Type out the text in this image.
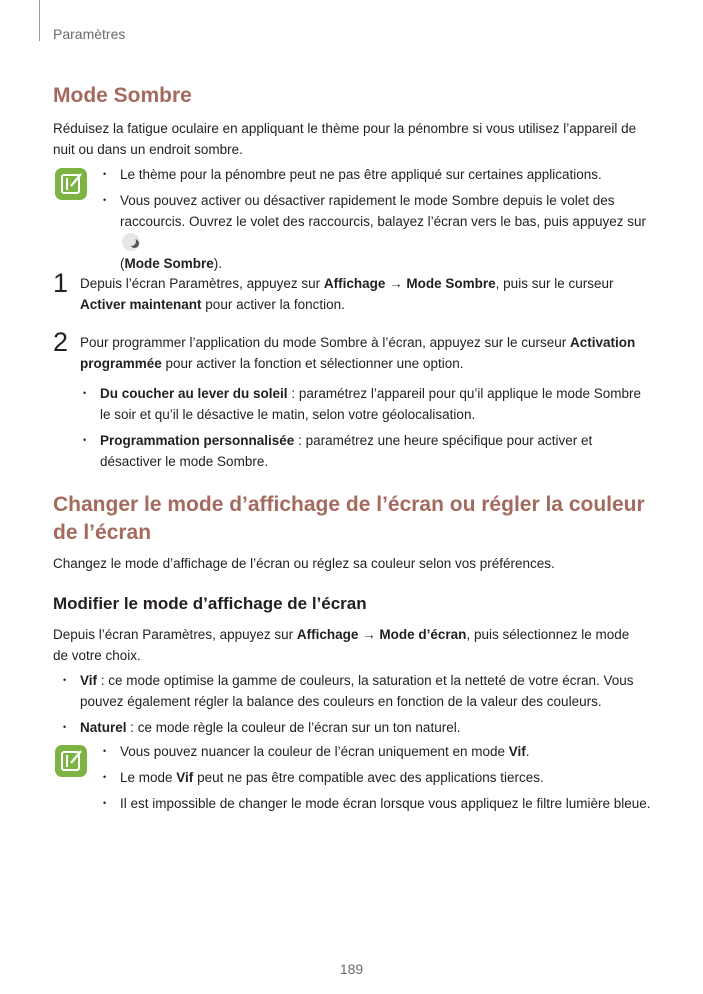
Paramètres
Mode Sombre

Réduisez la fatigue oculaire en appliquant le thème pour la pénombre si vous utilisez l’appareil de nuit ou dans un endroit sombre.

• Le thème pour la pénombre peut ne pas être appliqué sur certaines applications.
• Vous pouvez activer ou désactiver rapidement le mode Sombre depuis le volet des raccourcis. Ouvrez le volet des raccourcis, balayez l’écran vers le bas, puis appuyez sur
(Mode Sombre).
1 Depuis l’écran Paramètres, appuyez sur Affichage → Mode Sombre, puis sur le curseur Activer maintenant pour activer la fonction.

2 Pour programmer l’application du mode Sombre à l’écran, appuyez sur le curseur Activation programmée pour activer la fonction et sélectionner une option.

• Du coucher au lever du soleil : paramétrez l’appareil pour qu’il applique le mode Sombre le soir et qu’il le désactive le matin, selon votre géolocalisation.
• Programmation personnalisée : paramétrez une heure spécifique pour activer et désactiver le mode Sombre.
Changer le mode d’affichage de l’écran ou régler la couleur de l’écran

Changez le mode d’affichage de l’écran ou réglez sa couleur selon vos préférences.

Modifier le mode d’affichage de l’écran

Depuis l’écran Paramètres, appuyez sur Affichage → Mode d’écran, puis sélectionnez le mode de votre choix.

• Vif : ce mode optimise la gamme de couleurs, la saturation et la netteté de votre écran. Vous pouvez également régler la balance des couleurs en fonction de la valeur des couleurs.
• Naturel : ce mode règle la couleur de l’écran sur un ton naturel.
• Vous pouvez nuancer la couleur de l’écran uniquement en mode Vif.
• Le mode Vif peut ne pas être compatible avec des applications tierces.
• Il est impossible de changer le mode écran lorsque vous appliquez le filtre lumière bleue.
189
